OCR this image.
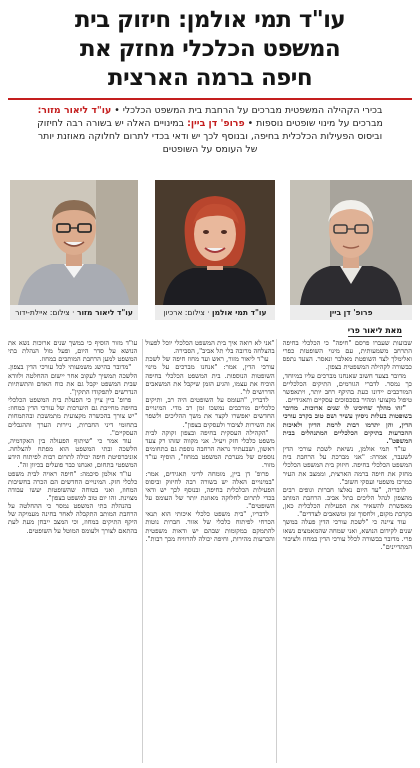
עו"ד תמי אולמן: חיזוק בית
המשפט הכלכלי מחזק את
חיפה ברמה הארצית
בכירי הקהילה המשפטית מברכים על הרחבת בית המשפט הכלכלי • עו"ד ליאור מזור:
מברכים על מינוי שופטים נוספות • פרופ' דן ביין: במינויים האלה יש בשורה רבה לחיזוק
וביסוס הפעילות הכלכלית בחיפה, ובנוסף לכך יש ודאי בכדי לתרום לחלוקה מאוזנת יותר
של העומס על השופטים
פרופ' דן ביין
עו"ד תמי אולמן · צילום: ארכיון
עו"ד ליאור מזור · צילום: איילת-ידור
מאת ליאור פרי

שבועות שעברו פרסם "חיפה" כי הכלכלי בחיפה התרחב משמעותית, עם מינוי השופטות כפרי ואלימלך לצד השופטת מאלבר ונאסר. הצעד נתפס כבשורה לקהילה המשפטית בצפון.

מדובר בצעד חשוב שאנחנו מברכים עליו במיוחד, כך נמסר. לדברי הגורמים, התיקים הכלכליים המורכבים יידונו כעת בהיקף רחב יותר, ויתאפשר טיפול מקצועי ומהיר בסכסוכים עסקיים ותאגידיים.

"זהו מהלך שחיכינו לו שנים ארוכות. מדובר בשופטות בעלות ניסיון עשיר ושם טוב בקרב עורכי הדין, והן יתרמו רבות לרמת הדיון ולאיכות ההכרעות בתיקים הכלכליים המתנהלים בבית המשפט".

עו"ד תמי אולמן, נשיאת לשכת עורכי הדין לשעבר, אמרה: "אני מברכת על הרחבת בית המשפט הכלכלי בחיפה. חיזוק בית המשפט הכלכלי מחזק את חיפה ברמה הארצית, וממצב את העיר כמרכז משפטי ועסקי חשוב".

לדבריה, "עד היום נאלצו חברות וגופים רבים מהצפון לנהל הליכים בתל אביב. הרחבת המותב מאפשרת להשאיר את הפעילות הכלכלית כאן, בקרבת מקום, ולחסוך זמן ומשאבים לצדדים".

עוד ציינה כי "לשכת עורכי הדין פעלה במשך שנים לקידום הנושא, ואני שמחה שהמאמצים נשאו פרי. מדובר בבשורה לכלל עורכי הדין במחוז ולציבור המתדיינים".

"אני לא רואה איך בית המשפט הכלכלי יוכל לפעול בהצלחה מרובה בלי תל אביב", הסבירה.

עו"ד ליאור מזור, ראש ועד מחוז חיפה של לשכת עורכי הדין, אמר: "אנחנו מברכים על מינוי השופטות הנוספות. בית המשפט הכלכלי בחיפה הוכיח את עצמו, והגיע הזמן שיקבל את המשאבים הדרושים לו".

לדבריו, "העומס על השופטים היה רב, ותיקים כלכליים מורכבים נמשכו זמן רב מדי. המינויים החדשים יאפשרו לקצר את משך ההליכים ולשפר את השירות לציבור ולעסקים בצפון".

"הקהילה העסקית בחיפה ובצפון זקוקה לבית משפט כלכלי חזק ויעיל. אני מקווה שזהו רק צעד ראשון, ושבעתיד נראה הרחבה נוספת גם בתחומים נוספים של מערכת המשפט במחוז", הוסיף עו"ד מזור.

פרופ' דן ביין, מומחה לדיני תאגידים, אמר: "במינויים האלה יש בשורה רבה לחיזוק וביסוס הפעילות הכלכלית בחיפה, ובנוסף לכך יש ודאי בכדי לתרום לחלוקה מאוזנת יותר של העומס על השופטים".

לדבריו, "בית משפט כלכלי איכותי הוא תנאי הכרחי לפיתוח כלכלי של אזור. חברות נוטות להתמקם במקומות שבהם יש ודאות משפטית והכרעות מהירות, וחיפה יכולה להרוויח מכך רבות".

עו"ד מזור הוסיף כי במשך שנים ארוכות נשא את הנושא על סדר היום, ופעל מול הנהלת בתי המשפט למען הרחבת המותבים במחוז.

"מדובר בהישג משמעותי לכל עורכי הדין בצפון. הלשכה תמשיך לעקוב אחר יישום ההחלטה ולוודא שבית המשפט יקבל גם את כוח האדם והתשתיות הנדרשים לתפקודו התקין".

פרופ' ביין ציין כי הפעלת בית המשפט הכלכלי בחיפה מחייבת גם היערכות של עורכי הדין במחוז: "יש צורך בהכשרה מקצועית מתמשכת ובהתמחות בתחומי דיני החברות, ניירות הערך וההגבלים העסקיים".

עוד אמר כי "שיתוף הפעולה בין האקדמיה, הלשכה ובתי המשפט הוא מפתח להצלחה. אוניברסיטת חיפה יכולה לתרום רבות לפיתוח הידע המשפטי בתחום, ואנחנו כבר פועלים בכיוון זה".

עו"ד אולמן סיכמה: "חיפה ראויה לבית משפט כלכלי חזק. המינויים החדשים הם הכרה בחשיבות המחוז, ואני בטוחה שהשופטות יעשו עבודה מצוינת. זהו יום טוב למשפט בצפון".

בהנהלת בתי המשפט נמסר כי ההחלטה על הרחבת המותב התקבלה לאחר בחינה מעמיקה של היקף התיקים במחוז, וכי המצב ייבחן מעת לעת בהתאם לצורך ולעומס המוטל על השופטים.
